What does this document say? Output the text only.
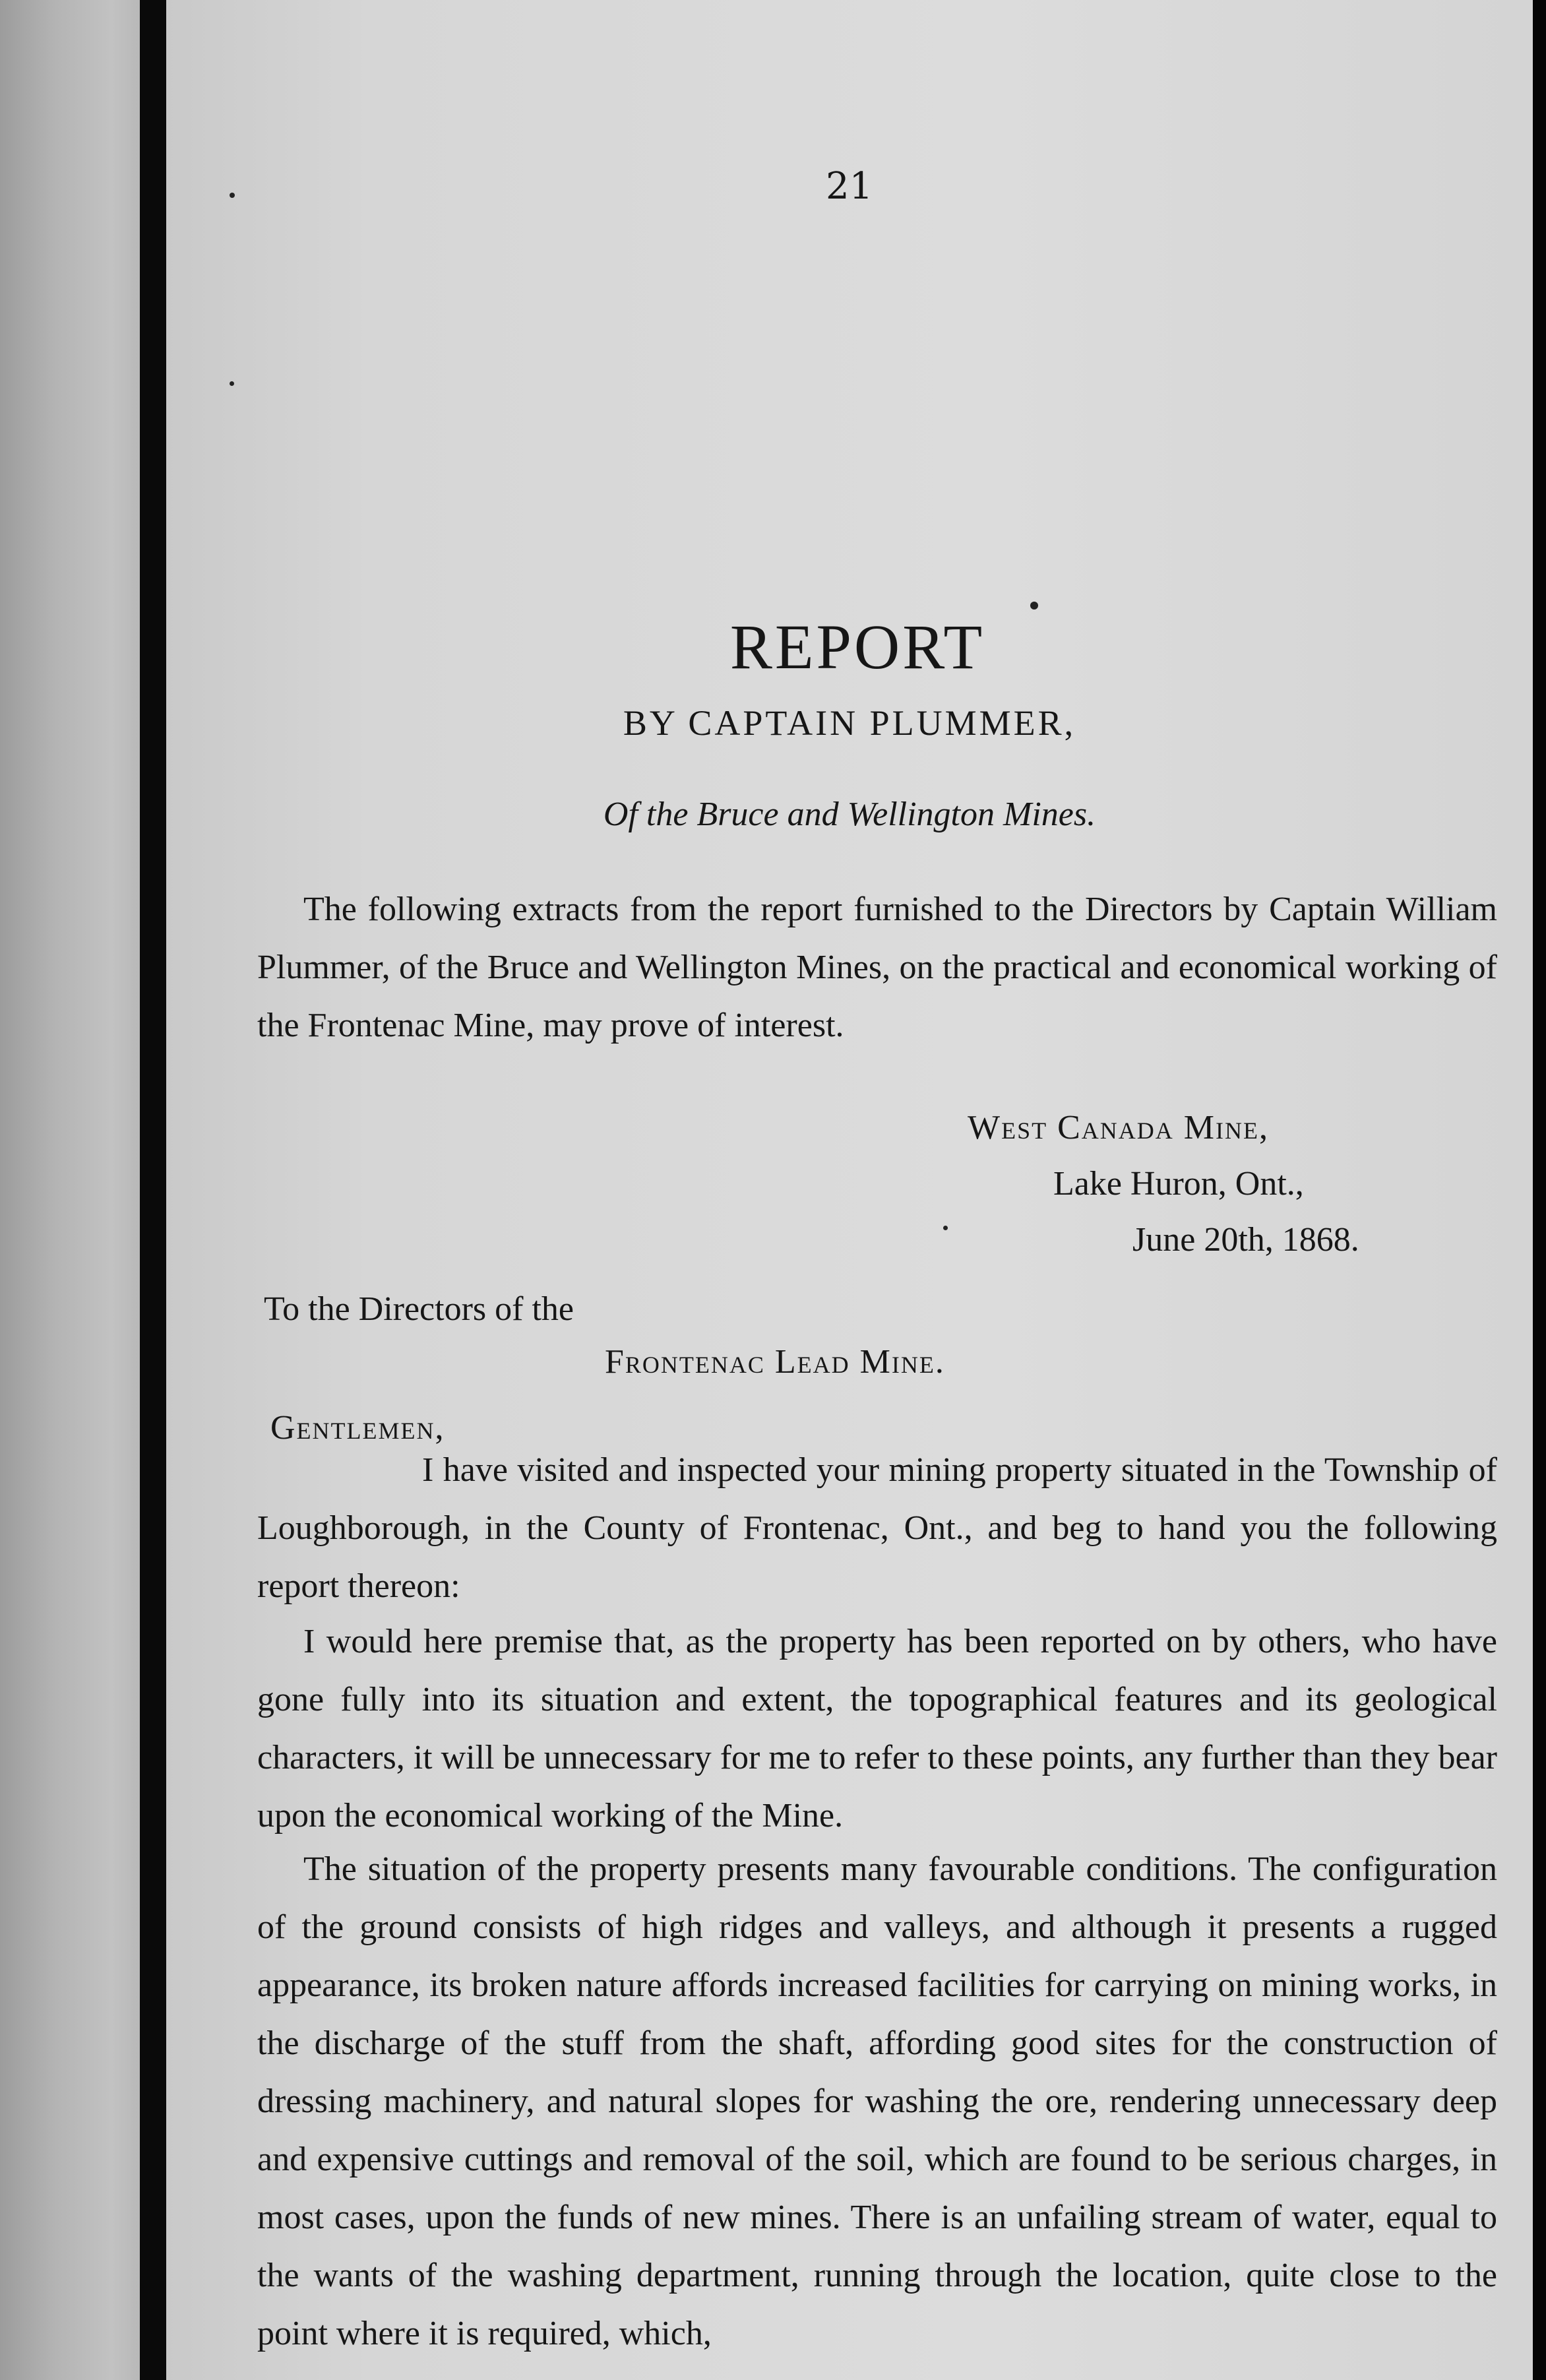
21
REPORT
BY CAPTAIN PLUMMER,
Of the Bruce and Wellington Mines.
The following extracts from the report furnished to the Directors by Captain William Plummer, of the Bruce and Wellington Mines, on the practical and economical working of the Frontenac Mine, may prove of interest.
West Canada Mine,
Lake Huron, Ont.,
June 20th, 1868.
To the Directors of the
Frontenac Lead Mine.
Gentlemen,
I have visited and inspected your mining property situated in the Township of Loughborough, in the County of Frontenac, Ont., and beg to hand you the following report thereon:
I would here premise that, as the property has been reported on by others, who have gone fully into its situation and extent, the topographical features and its geological characters, it will be unnecessary for me to refer to these points, any further than they bear upon the economical working of the Mine.
The situation of the property presents many favourable conditions. The configuration of the ground consists of high ridges and valleys, and although it presents a rugged appearance, its broken nature affords increased facilities for carrying on mining works, in the discharge of the stuff from the shaft, affording good sites for the construction of dressing machinery, and natural slopes for washing the ore, rendering unnecessary deep and expensive cuttings and removal of the soil, which are found to be serious charges, in most cases, upon the funds of new mines. There is an unfailing stream of water, equal to the wants of the washing department, running through the location, quite close to the point where it is required, which,
